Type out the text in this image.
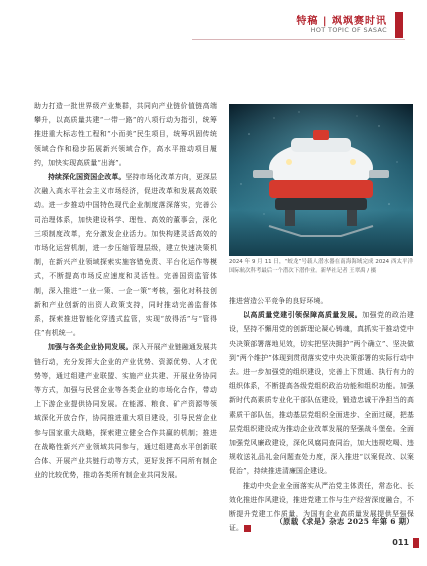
特稿 | 飒飒赛时讯
HOT TOPIC OF SASAC

助力打造一批世界级产业集群，共同向产业链价值链高端攀升，以高质量共建“一带一路”的八项行动为指引，统筹推进重大标志性工程和“小而美”民生项目，统筹巩固传统领域合作和稳步拓展新兴领域合作，高水平推动项目履约，加快实现高质量“出海”。

持续深化国资国企改革。坚持市场化改革方向，更深层次融入高水平社会主义市场经济，促进改革和发展高效联动。进一步推动中国特色现代企业制度落深落实，完善公司治理体系，加快建设科学、理性、高效的董事会，深化三项制度改革，充分激发企业活力。加快构建灵活高效的市场化运营机制，进一步压缩管理层级，建立快速决策机制，在新兴产业领域探索实施容错免责、平台化运作等模式，不断提高市场反应速度和灵活性。完善国资监管体制，深入推进“一业一策、一企一策”考核，强化对科技创新和产业创新的出资人政策支持，同时推动完善监督体系，探索推进智能化穿透式监管，实现“放得活”与“管得住”有机统一。

加强与各类企业协同发展。深入开展产业链融通发展共链行动，充分发挥大企业的产业优势、资源优势、人才优势等，通过组建产业联盟、实施产业共建、开展业务协同等方式，加强与民营企业等各类企业的市场化合作，带动上下游企业提供协同发展。在能源、粮食、矿产资源等领域深化开放合作，协同推进重大项目建设，引导民营企业参与国家重大战略，探索建立健全合作共赢的机制；推进在战略性新兴产业领域共同参与，通过组建高水平创新联合体、开展产业共链行动等方式，更好发挥不同所有制企业的比较优势，推动各类所有制企业共同发展。

2024 年 9 月 11 日，“蛟龙”号载人潜水器在南海海域完成 2024 西太平洋国际航次科考最后一个潜次下潜作业。新华社记者 王翠禹 / 摄

推进营造公平竞争的良好环境。

以高质量党建引领保障高质量发展。加强党的政治建设，坚持不懈用党的创新理论凝心铸魂，真抓实干推动党中央决策部署落地见效，切实把坚决拥护“两个确立”、坚决做到“两个维护”体现到贯彻落实党中央决策部署的实际行动中去。进一步加强党的组织建设，完善上下贯通、执行有力的组织体系，不断提高各级党组织政治功能和组织功能。加强新时代高素质专业化干部队伍建设，锻造忠诚干净担当的高素质干部队伍，推动基层党组织全面进步、全面过硬，把基层党组织建设成为推动企业改革发展的坚强战斗堡垒。全面加强党风廉政建设，深化风腐同查同治，加大违规吃喝、违规收送礼品礼金问题查处力度，深入推进“以案促改、以案促治”，持续推进清廉国企建设。

推动中央企业全面落实从严治党主体责任，常态化、长效化推进作风建设，推进党建工作与生产经营深度融合，不断提升党建工作质量，为国有企业高质量发展提供坚强保证。

（原载《求是》杂志 2025 年第 6 期）
011
